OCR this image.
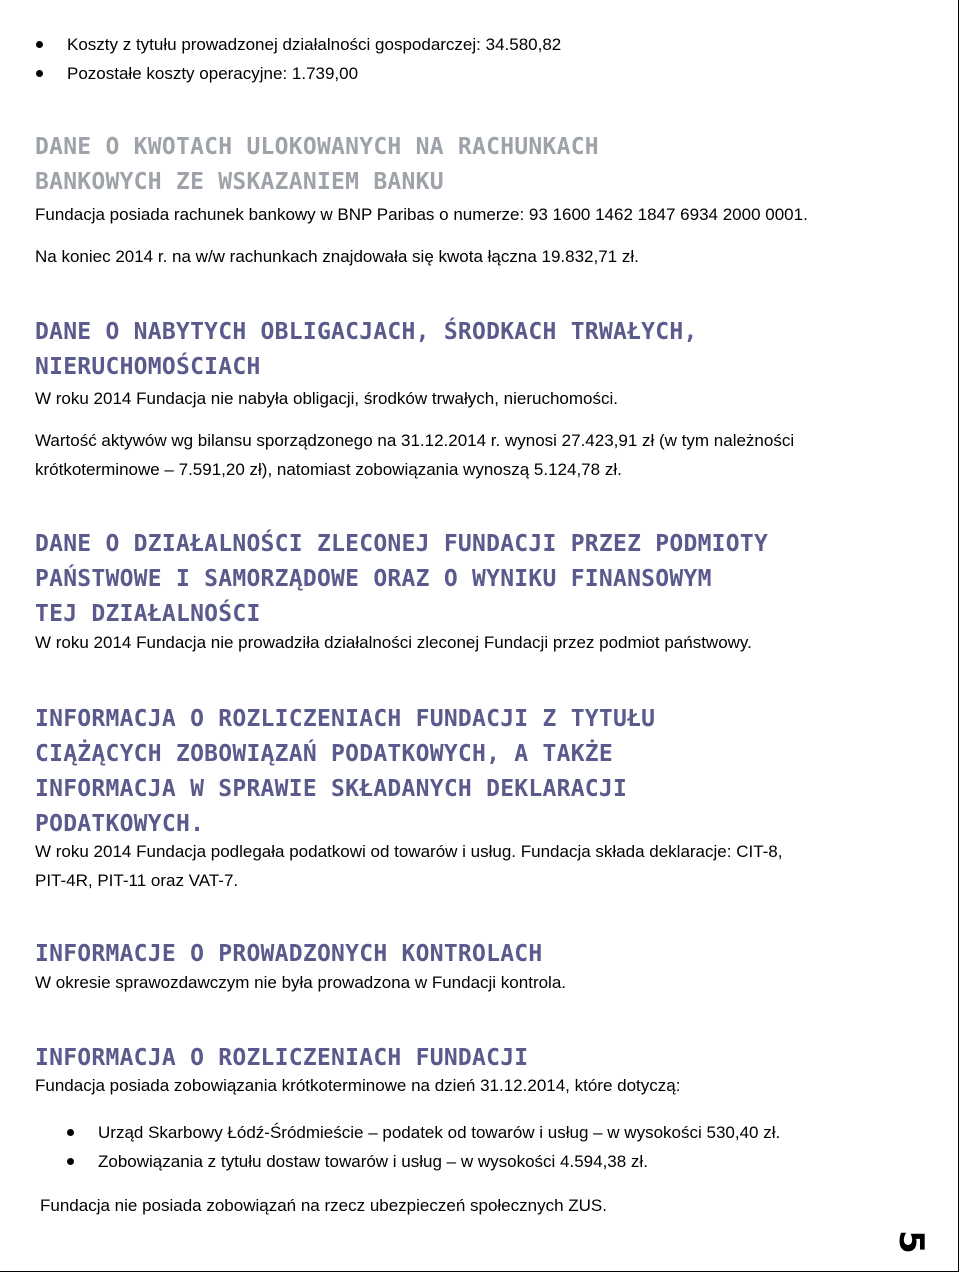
Koszty z tytułu prowadzonej działalności gospodarczej: 34.580,82
Pozostałe koszty operacyjne: 1.739,00
DANE O KWOTACH ULOKOWANYCH NA RACHUNKACH
BANKOWYCH ZE WSKAZANIEM BANKU
Fundacja posiada rachunek bankowy w BNP Paribas o numerze: 93 1600 1462 1847 6934 2000 0001.
Na koniec 2014 r. na w/w rachunkach znajdowała się kwota łączna 19.832,71 zł.
DANE O NABYTYCH OBLIGACJACH, ŚRODKACH TRWAŁYCH,
NIERUCHOMOŚCIACH
W roku 2014 Fundacja nie nabyła obligacji, środków trwałych, nieruchomości.
Wartość aktywów wg bilansu sporządzonego na 31.12.2014 r. wynosi 27.423,91 zł (w tym należności
krótkoterminowe – 7.591,20 zł), natomiast zobowiązania wynoszą 5.124,78 zł.
DANE O DZIAŁALNOŚCI ZLECONEJ FUNDACJI PRZEZ PODMIOTY
PAŃSTWOWE I SAMORZĄDOWE ORAZ O WYNIKU FINANSOWYM
TEJ DZIAŁALNOŚCI
W roku 2014 Fundacja nie prowadziła działalności zleconej Fundacji przez podmiot państwowy.
INFORMACJA O ROZLICZENIACH FUNDACJI Z TYTUŁU
CIĄŻĄCYCH ZOBOWIĄZAŃ PODATKOWYCH, A TAKŻE
INFORMACJA W SPRAWIE SKŁADANYCH DEKLARACJI
PODATKOWYCH.
W roku 2014 Fundacja podlegała podatkowi od towarów i usług. Fundacja składa deklaracje: CIT-8,
PIT-4R, PIT-11 oraz VAT-7.
INFORMACJE O PROWADZONYCH KONTROLACH
W okresie sprawozdawczym nie była prowadzona w Fundacji kontrola.
INFORMACJA O ROZLICZENIACH FUNDACJI
Fundacja posiada zobowiązania krótkoterminowe na dzień 31.12.2014, które dotyczą:
Urząd Skarbowy Łódź-Śródmieście – podatek od towarów i usług – w wysokości 530,40 zł.
Zobowiązania z tytułu dostaw towarów i usług – w wysokości 4.594,38 zł.
Fundacja nie posiada zobowiązań na rzecz ubezpieczeń społecznych ZUS.
5
